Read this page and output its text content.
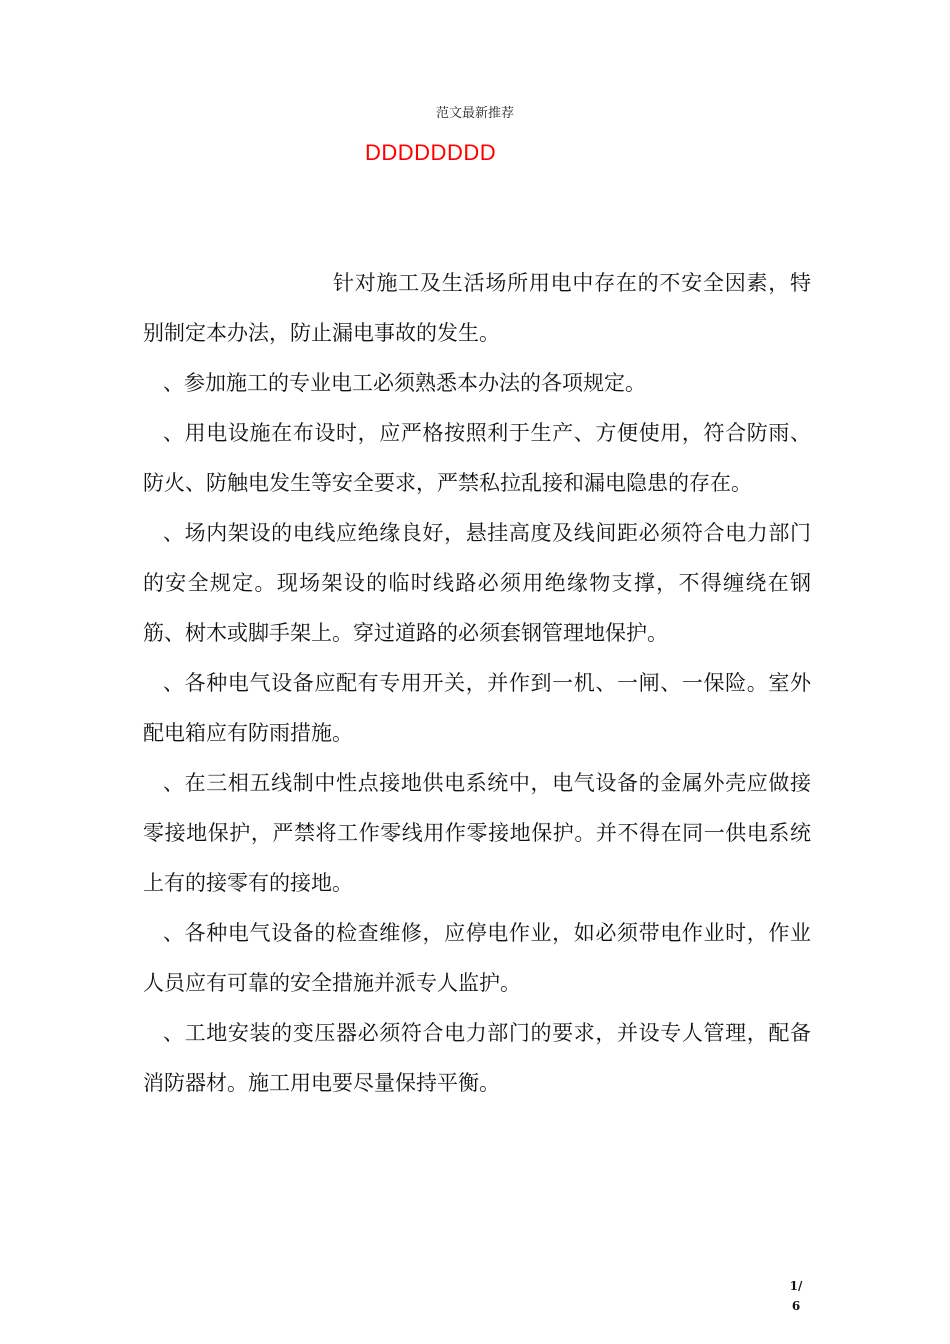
范文最新推荐
DDDDDDDD

针对施工及生活场所用电中存在的不安全因素，特别制定本办法，防止漏电事故的发生。

、参加施工的专业电工必须熟悉本办法的各项规定。

、用电设施在布设时，应严格按照利于生产、方便使用，符合防雨、防火、防触电发生等安全要求，严禁私拉乱接和漏电隐患的存在。

、场内架设的电线应绝缘良好，悬挂高度及线间距必须符合电力部门的安全规定。现场架设的临时线路必须用绝缘物支撑，不得缠绕在钢筋、树木或脚手架上。穿过道路的必须套钢管理地保护。

、各种电气设备应配有专用开关，并作到一机、一闸、一保险。室外配电箱应有防雨措施。

、在三相五线制中性点接地供电系统中，电气设备的金属外壳应做接零接地保护，严禁将工作零线用作零接地保护。并不得在同一供电系统上有的接零有的接地。

、各种电气设备的检查维修，应停电作业，如必须带电作业时，作业人员应有可靠的安全措施并派专人监护。

、工地安装的变压器必须符合电力部门的要求，并设专人管理，配备消防器材。施工用电要尽量保持平衡。

1/
6
